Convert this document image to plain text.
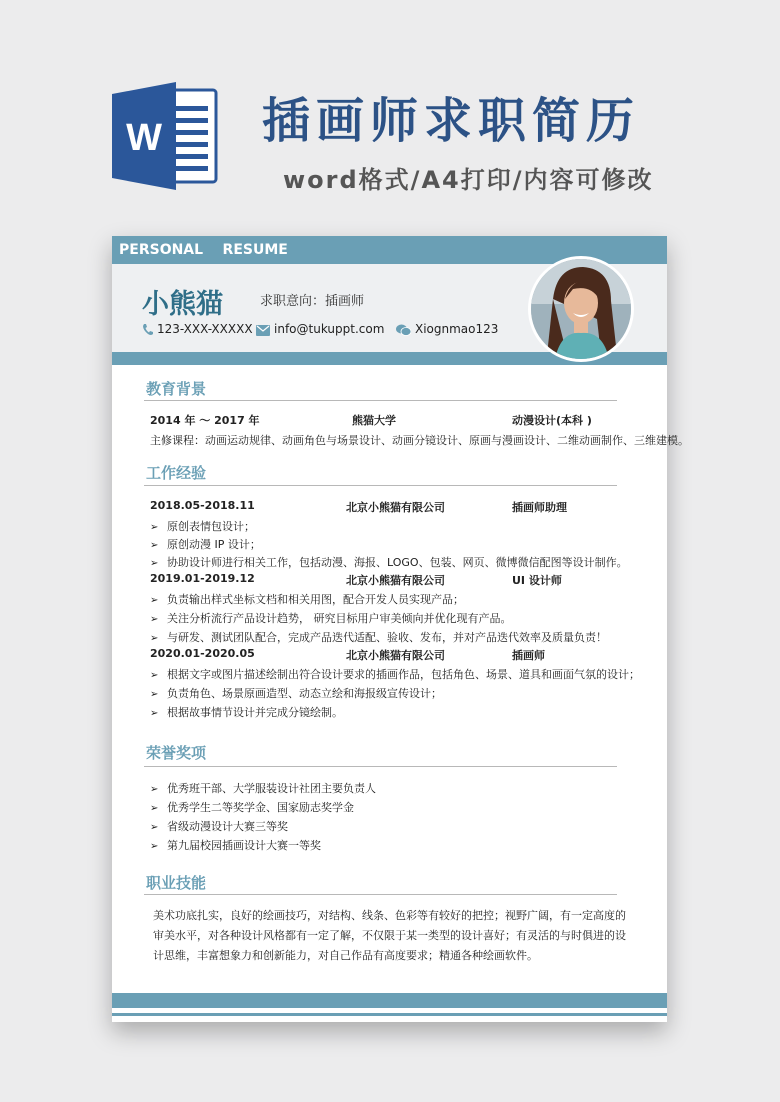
W 插画师求职简历
word格式/A4打印/内容可修改
PERSONAL    RESUME
小熊猫	求职意向：插画师
123-XXX-XXXXX	info@tukuppt.com	Xiognmao123
教育背景
2014 年 ～ 2017 年	熊猫大学	动漫设计(本科 )
主修课程：动画运动规律、动画角色与场景设计、动画分镜设计、原画与漫画设计、二维动画制作、三维建模。
工作经验
2018.05-2018.11	北京小熊猫有限公司	插画师助理
➢ 原创表情包设计；
➢ 原创动漫 IP 设计；
➢ 协助设计师进行相关工作，包括动漫、海报、LOGO、包装、网页、微博微信配图等设计制作。
2019.01-2019.12	北京小熊猫有限公司	UI 设计师
➢ 负责输出样式坐标文档和相关用图，配合开发人员实现产品；
➢ 关注分析流行产品设计趋势， 研究目标用户审美倾向并优化现有产品。
➢ 与研发、测试团队配合，完成产品迭代适配、验收、发布，并对产品迭代效率及质量负责！
2020.01-2020.05	北京小熊猫有限公司	插画师
➢ 根据文字或图片描述绘制出符合设计要求的插画作品，包括角色、场景、道具和画面气氛的设计；
➢ 负责角色、场景原画造型、动态立绘和海报级宣传设计；
➢ 根据故事情节设计并完成分镜绘制。
荣誉奖项
➢ 优秀班干部、大学服装设计社团主要负责人
➢ 优秀学生二等奖学金、国家励志奖学金
➢ 省级动漫设计大赛三等奖
➢ 第九届校园插画设计大赛一等奖
职业技能
美术功底扎实，良好的绘画技巧，对结构、线条、色彩等有较好的把控；视野广阔，有一定高度的审美水平，对各种设计风格都有一定了解，不仅限于某一类型的设计喜好；有灵活的与时俱进的设计思维，丰富想象力和创新能力，对自己作品有高度要求；精通各种绘画软件。
